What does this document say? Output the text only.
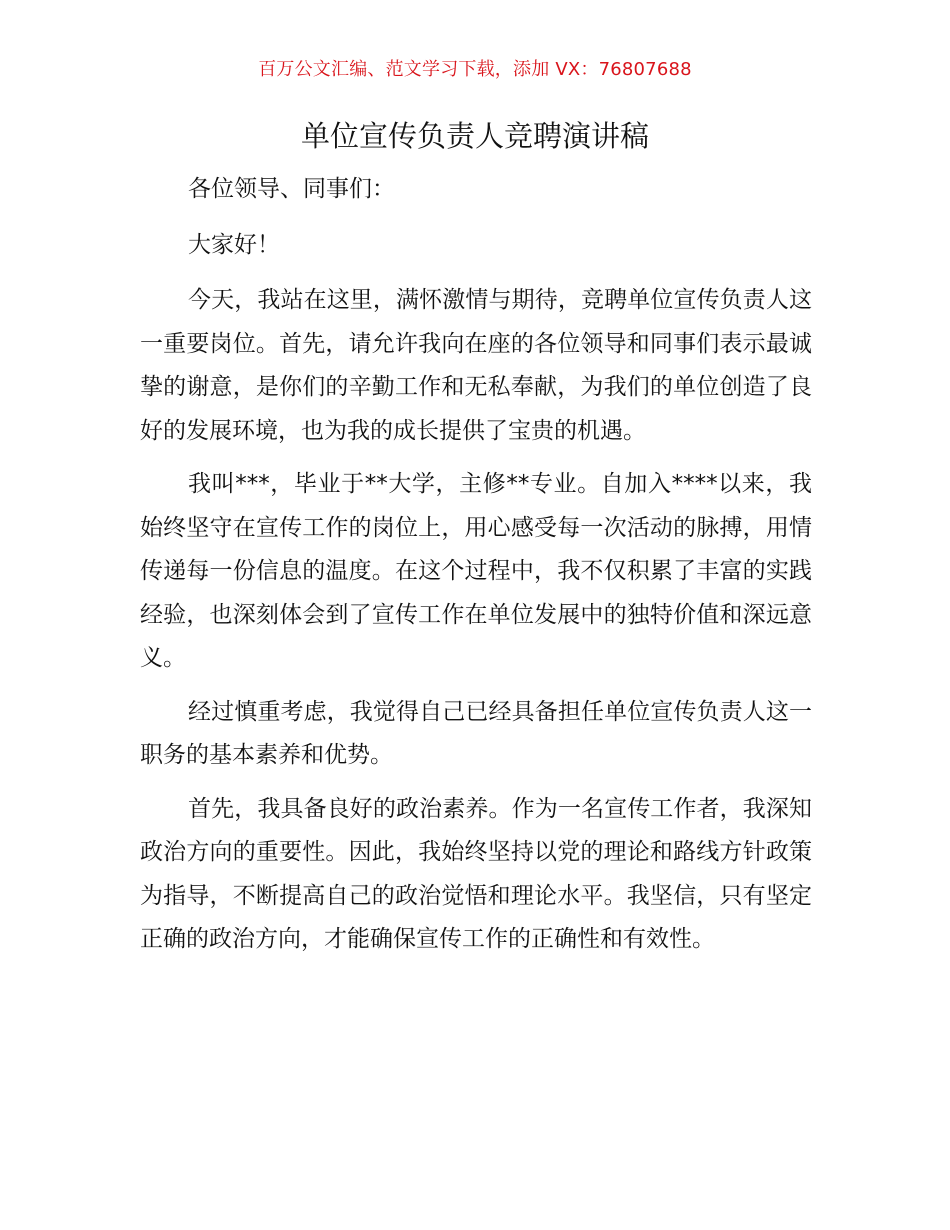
百万公文汇编、范文学习下载，添加 VX：76807688
单位宣传负责人竞聘演讲稿

各位领导、同事们：

大家好！

今天，我站在这里，满怀激情与期待，竞聘单位宣传负责人这一重要岗位。首先，请允许我向在座的各位领导和同事们表示最诚挚的谢意，是你们的辛勤工作和无私奉献，为我们的单位创造了良好的发展环境，也为我的成长提供了宝贵的机遇。

我叫***，毕业于**大学，主修**专业。自加入****以来，我始终坚守在宣传工作的岗位上，用心感受每一次活动的脉搏，用情传递每一份信息的温度。在这个过程中，我不仅积累了丰富的实践经验，也深刻体会到了宣传工作在单位发展中的独特价值和深远意义。

经过慎重考虑，我觉得自己已经具备担任单位宣传负责人这一职务的基本素养和优势。

首先，我具备良好的政治素养。作为一名宣传工作者，我深知政治方向的重要性。因此，我始终坚持以党的理论和路线方针政策为指导，不断提高自己的政治觉悟和理论水平。我坚信，只有坚定正确的政治方向，才能确保宣传工作的正确性和有效性。
